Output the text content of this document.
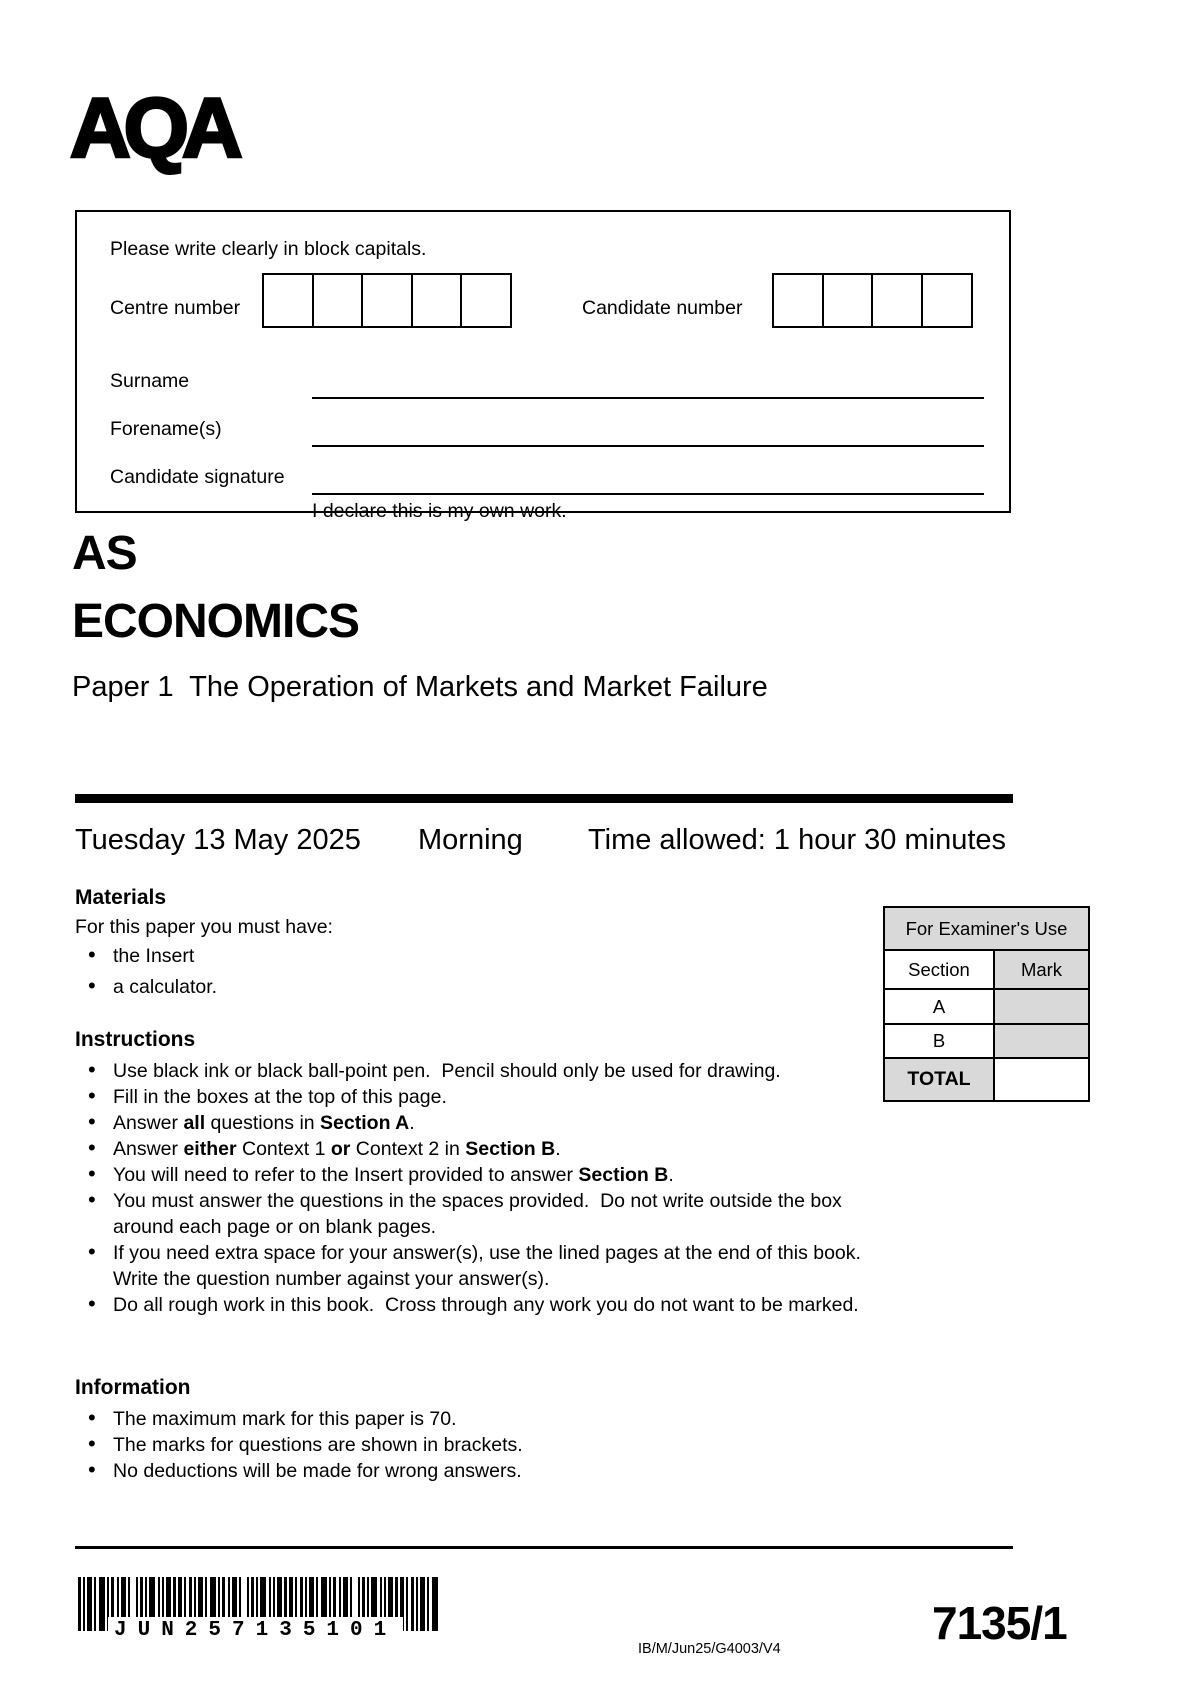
AQA
Please write clearly in block capitals.
Centre number	Candidate number
Surname
Forename(s)
Candidate signature
I declare this is my own work.
AS
ECONOMICS
Paper 1  The Operation of Markets and Market Failure
Tuesday 13 May 2025 Morning Time allowed: 1 hour 30 minutes
Materials
For this paper you must have:
• the Insert
• a calculator.
For Examiner's Use
Section	Mark
A
B
TOTAL
Instructions
• Use black ink or black ball-point pen.  Pencil should only be used for drawing.
• Fill in the boxes at the top of this page.
• Answer all questions in Section A.
• Answer either Context 1 or Context 2 in Section B.
• You will need to refer to the Insert provided to answer Section B.
• You must answer the questions in the spaces provided.  Do not write outside the box around each page or on blank pages.
• If you need extra space for your answer(s), use the lined pages at the end of this book.  Write the question number against your answer(s).
• Do all rough work in this book.  Cross through any work you do not want to be marked.
Information
• The maximum mark for this paper is 70.
• The marks for questions are shown in brackets.
• No deductions will be made for wrong answers.
JUN257135101
IB/M/Jun25/G4003/V4	7135/1
